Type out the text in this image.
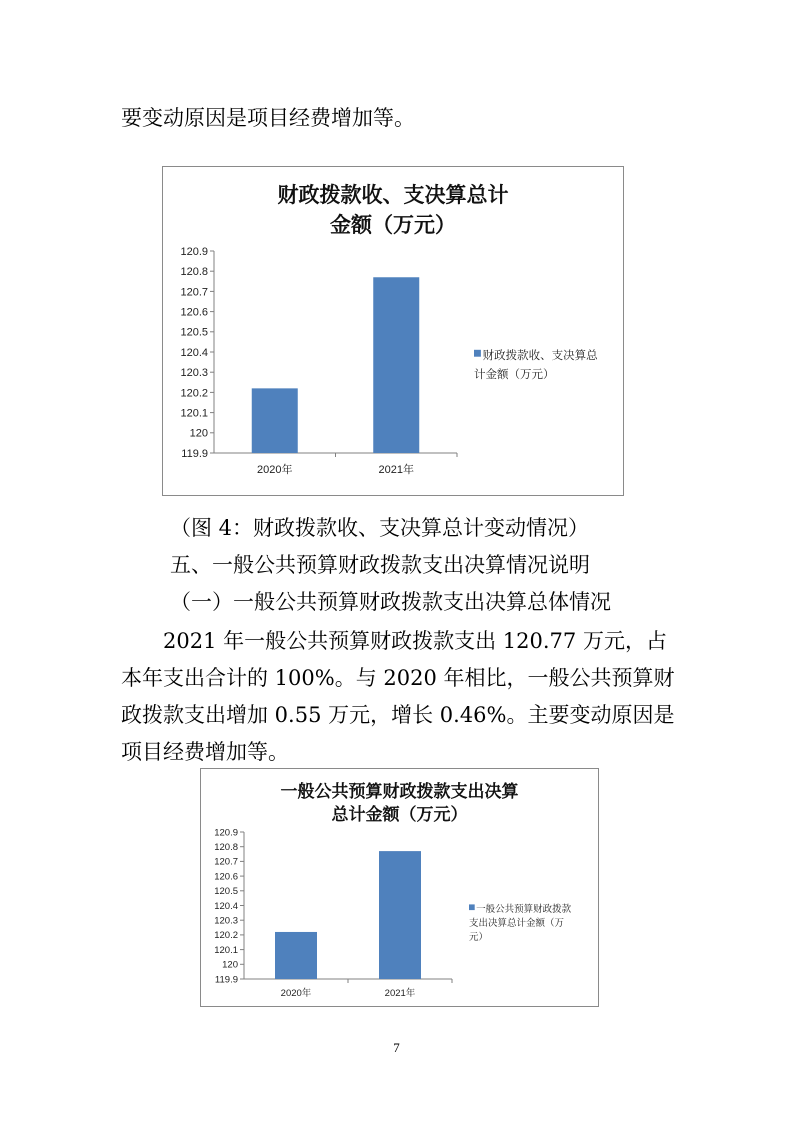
要变动原因是项目经费增加等。
财政拨款收、支决算总计
金额（万元）
119.9
120
120.1
120.2
120.3
120.4
120.5
120.6
120.7
120.8
120.9
2020年	2021年
财政拨款收、支决算总
计金额（万元）
（图 4：财政拨款收、支决算总计变动情况）
五、一般公共预算财政拨款支出决算情况说明
（一）一般公共预算财政拨款支出决算总体情况
2021 年一般公共预算财政拨款支出 120.77 万元，占本年支出合计的 100%。与 2020 年相比，一般公共预算财政拨款支出增加 0.55 万元，增长 0.46%。主要变动原因是项目经费增加等。
一般公共预算财政拨款支出决算
总计金额（万元）
119.9
120
120.1
120.2
120.3
120.4
120.5
120.6
120.7
120.8
120.9
2020年	2021年
一般公共预算财政拨款
支出决算总计金额（万
元）
7
